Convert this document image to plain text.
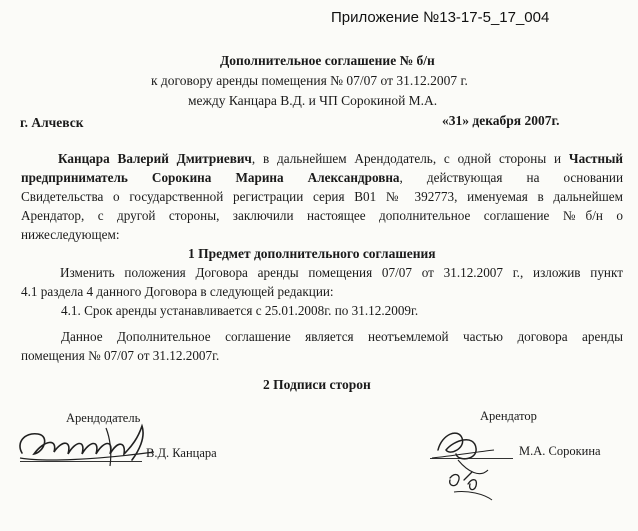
Приложение №13-17-5_17_004
Дополнительное соглашение № б/н
к договору аренды помещения № 07/07 от 31.12.2007 г.
между Канцара В.Д. и ЧП Сорокиной М.А.
г. Алчевск	«31» декабря 2007г.
Канцара Валерий Дмитриевич, в дальнейшем Арендодатель, с одной стороны и Частный
предприниматель Сорокина Марина Александровна, действующая на основании
Свидетельства о государственной регистрации серия В01 № 392773, именуемая в дальнейшем
Арендатор, с другой стороны, заключили настоящее дополнительное соглашение №б/н о
нижеследующем:
1 Предмет дополнительного соглашения
Изменить положения Договора аренды помещения 07/07 от 31.12.2007 г., изложив пункт
4.1 раздела 4 данного Договора в следующей редакции:
4.1. Срок аренды устанавливается с 25.01.2008г. по 31.12.2009г.
Данное Дополнительное соглашение является неотъемлемой частью договора аренды
помещения № 07/07 от 31.12.2007г.
2 Подписи сторон
Арендодатель
В.Д. Канцара
Арендатор
М.А. Сорокина
